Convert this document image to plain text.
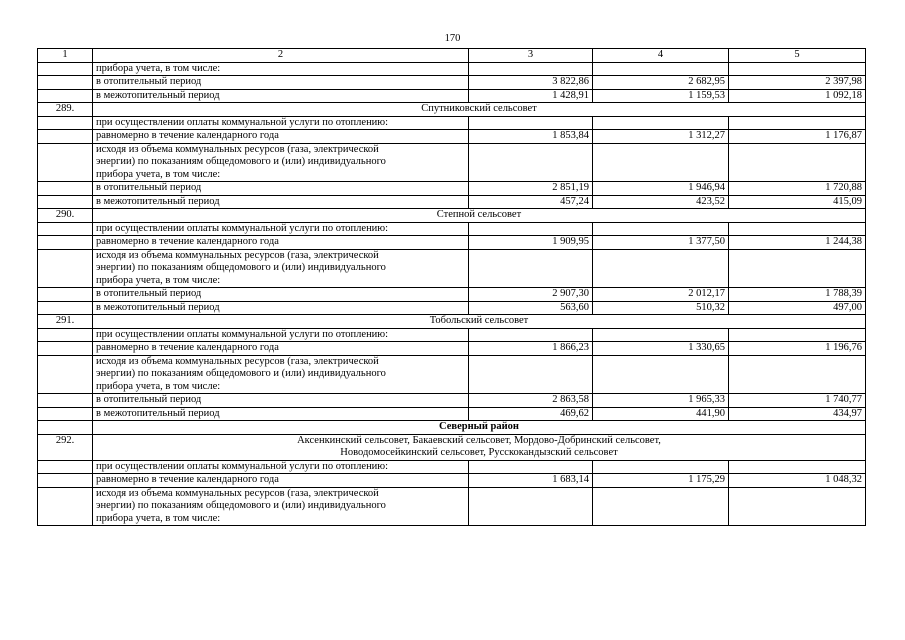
170
1	2	3	4	5
	прибора учета, в том числе:			
	в отопительный период	3 822,86	2 682,95	2 397,98
	в межотопительный период	1 428,91	1 159,53	1 092,18
289.	Спутниковский сельсовет			
	при осуществлении оплаты коммунальной услуги по отоплению:			
	равномерно в течение календарного года	1 853,84	1 312,27	1 176,87

	исходя из объема коммунальных ресурсов (газа, электрической
энергии) по показаниям общедомового и (или) индивидуального
прибора учета, в том числе:			

	в отопительный период	2 851,19	1 946,94	1 720,88
	в межотопительный период	457,24	423,52	415,09
290.	Степной сельсовет			
	при осуществлении оплаты коммунальной услуги по отоплению:			
	равномерно в течение календарного года	1 909,95	1 377,50	1 244,38

	исходя из объема коммунальных ресурсов (газа, электрической
энергии) по показаниям общедомового и (или) индивидуального
прибора учета, в том числе:			

	в отопительный период	2 907,30	2 012,17	1 788,39
	в межотопительный период	563,60	510,32	497,00
291.	Тобольский сельсовет			
	при осуществлении оплаты коммунальной услуги по отоплению:			
	равномерно в течение календарного года	1 866,23	1 330,65	1 196,76

	исходя из объема коммунальных ресурсов (газа, электрической
энергии) по показаниям общедомового и (или) индивидуального
прибора учета, в том числе:			

	в отопительный период	2 863,58	1 965,33	1 740,77
	в межотопительный период	469,62	441,90	434,97
	Северный район			
292.	Аксенкинский сельсовет, Бакаевский сельсовет, Мордово-Добринский сельсовет,
Новодомосейкинский сельсовет, Русскокандызский сельсовет			

	при осуществлении оплаты коммунальной услуги по отоплению:			
	равномерно в течение календарного года	1 683,14	1 175,29	1 048,32

	исходя из объема коммунальных ресурсов (газа, электрической
энергии) по показаниям общедомового и (или) индивидуального
прибора учета, в том числе:			
